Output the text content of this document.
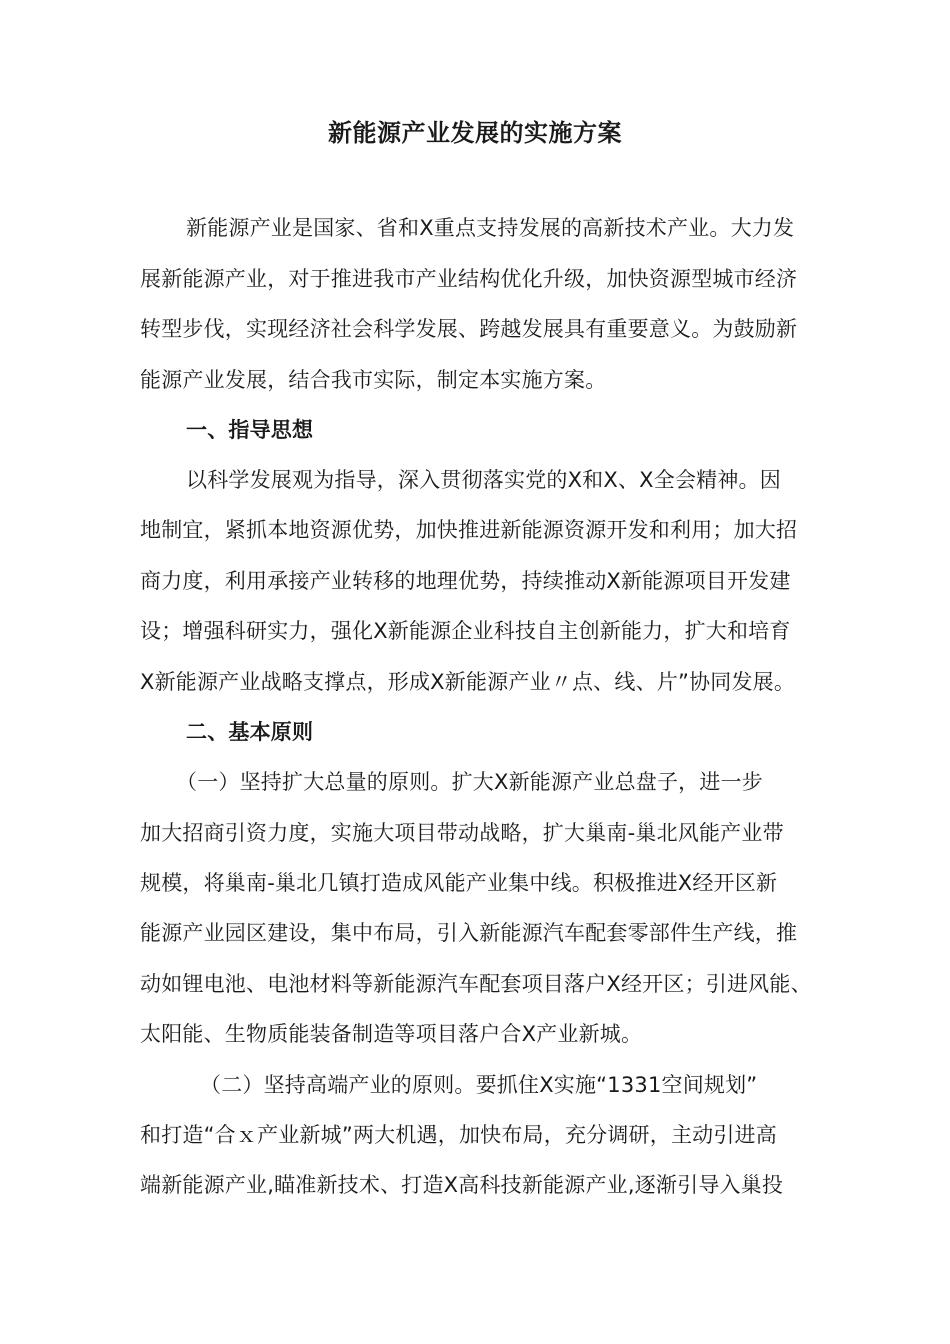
新能源产业发展的实施方案
新能源产业是国家、省和Ⅹ重点支持发展的高新技术产业。大力发
展新能源产业，对于推进我市产业结构优化升级，加快资源型城市经济
转型步伐，实现经济社会科学发展、跨越发展具有重要意义。为鼓励新
能源产业发展，结合我市实际，制定本实施方案。
一、指导思想
以科学发展观为指导，深入贯彻落实党的Ⅹ和Ⅹ、Ⅹ全会精神。因
地制宜，紧抓本地资源优势，加快推进新能源资源开发和利用；加大招
商力度，利用承接产业转移的地理优势，持续推动Ⅹ新能源项目开发建
设；增强科研实力，强化Ⅹ新能源企业科技自主创新能力，扩大和培育
Ⅹ新能源产业战略支撑点，形成Ⅹ新能源产业〃点、线、片”协同发展。
二、基本原则
（一）坚持扩大总量的原则。扩大Ⅹ新能源产业总盘子，进一步
加大招商引资力度，实施大项目带动战略，扩大巢南-巢北风能产业带
规模，将巢南-巢北几镇打造成风能产业集中线。积极推进Ⅹ经开区新
能源产业园区建设，集中布局，引入新能源汽车配套零部件生产线，推
动如锂电池、电池材料等新能源汽车配套项目落户Ⅹ经开区；引进风能、
太阳能、生物质能装备制造等项目落户合Ⅹ产业新城。
（二）坚持高端产业的原则。要抓住Ⅹ实施“1331空间规划”
和打造“合ｘ产业新城”两大机遇，加快布局，充分调研，主动引进高
端新能源产业,瞄准新技术、打造Ⅹ高科技新能源产业,逐渐引导入巢投
